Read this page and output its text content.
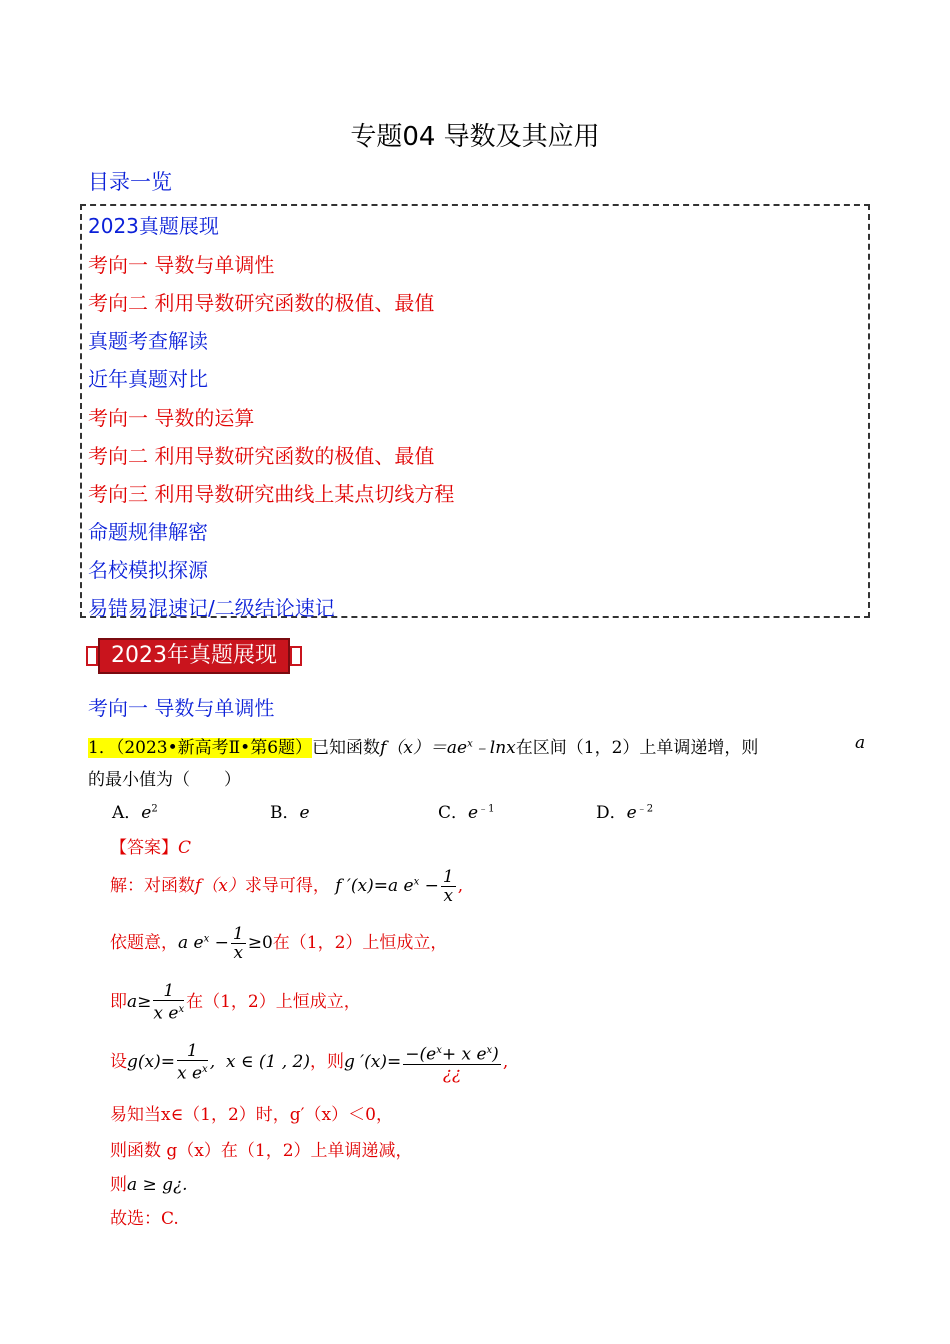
专题04 导数及其应用
目录一览
2023真题展现
考向一 导数与单调性
考向二 利用导数研究函数的极值、最值
真题考查解读
近年真题对比
考向一 导数的运算
考向二 利用导数研究函数的极值、最值
考向三 利用导数研究曲线上某点切线方程
命题规律解密
名校模拟探源
易错易混速记/二级结论速记
2023年真题展现
考向一 导数与单调性
1．（2023•新高考Ⅱ•第6题）已知函数$f(x)=ae^x﹣\ln x$在区间（1，2）上单调递增，则	a
的最小值为（　　）
A．$e^2$	B．e	C．$e^{﹣1}$	D．$e^{﹣2}$
【答案】C
解：对函数f（x）求导可得， f ′(x)=a $e^x - \frac{1}{x}$ ,
依题意，a $e^x - \frac{1}{x} \ge 0$在（1，2）上恒成立，
即$a\ge \frac{1}{x e^x}$ 在（1，2）上恒成立，
设$g(x)= \frac{1}{x e^x}$ ,  x ∈ (1 , 2)，则g $'(x)= \frac{-(e^x+ x e^x)}{¿¿}$ ,
易知当x∈（1，2）时，g′（x）＜0，
则函数 g（x）在（1，2）上单调递减，
则a ≥ g¿.
故选：C.
